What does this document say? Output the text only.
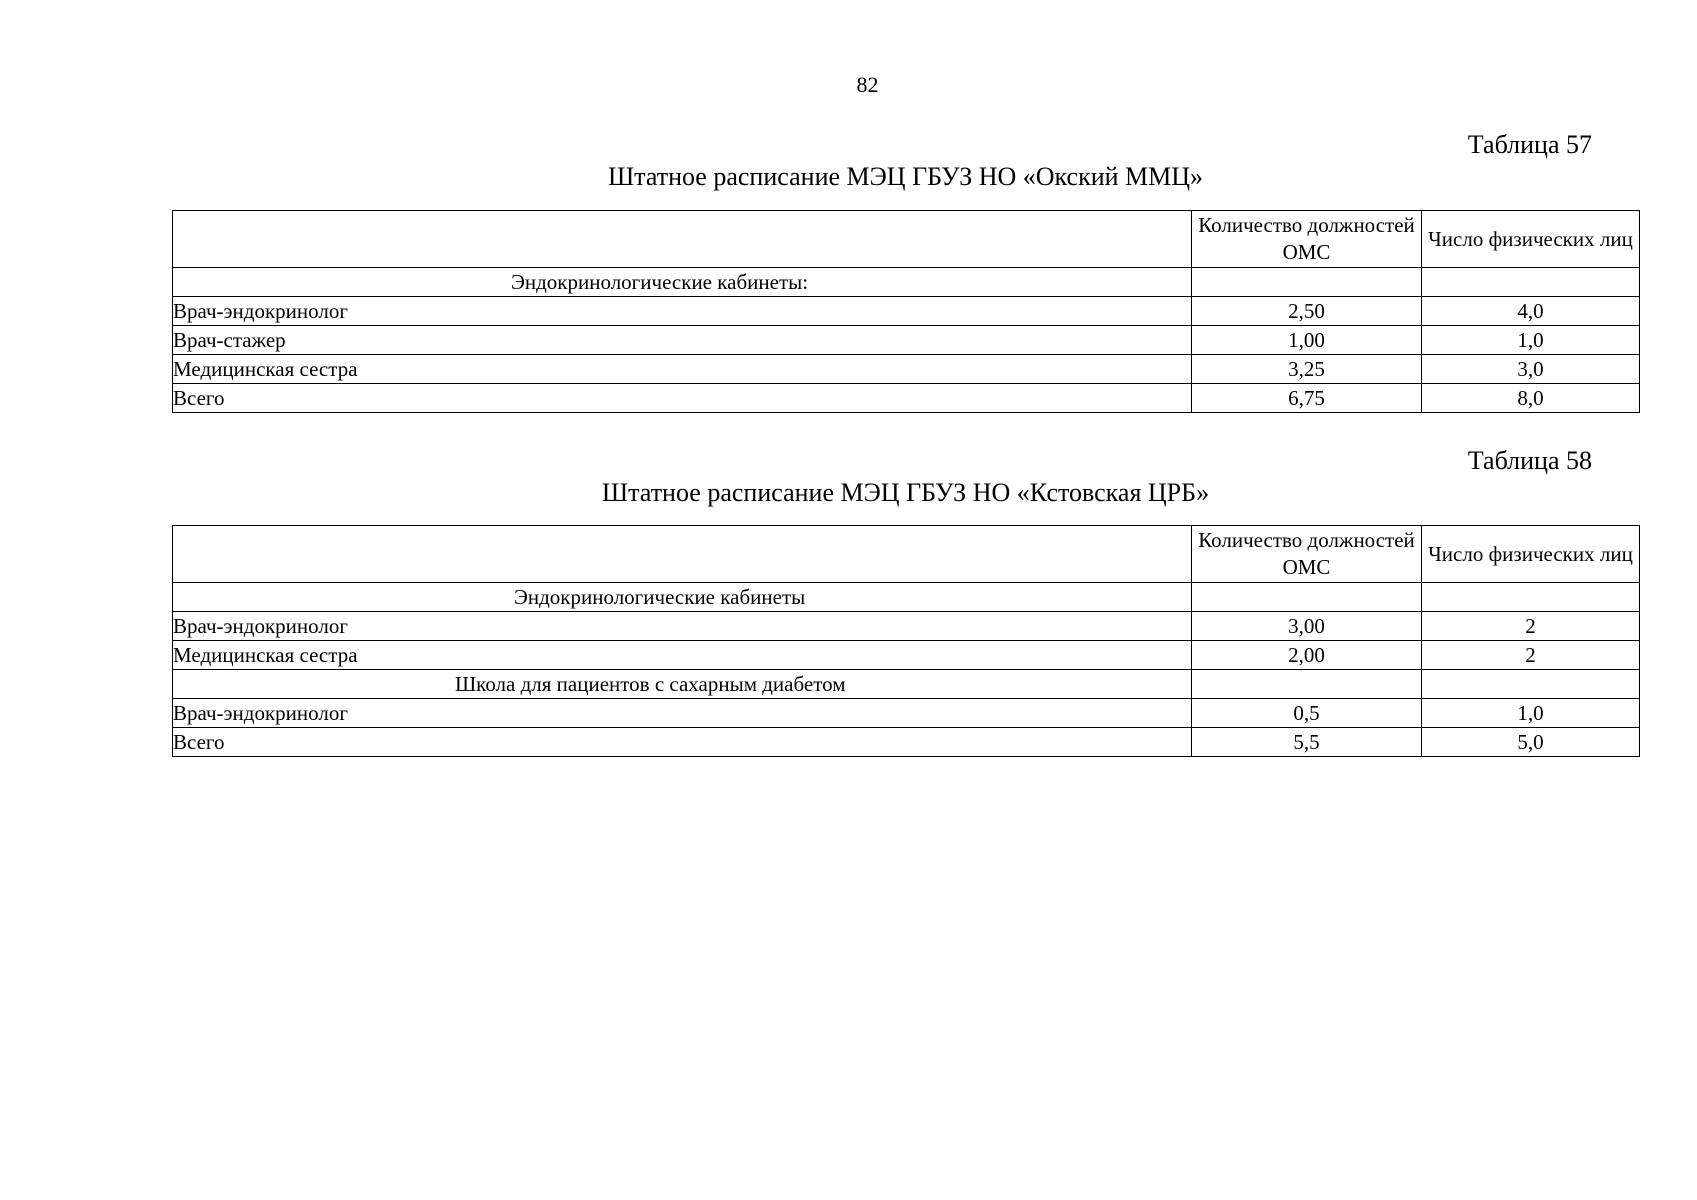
82
Таблица 57
Штатное расписание МЭЦ ГБУЗ НО «Окский ММЦ»
	Количество должностей ОМС	Число физических лиц
Эндокринологические кабинеты:		
Врач-эндокринолог	2,50	4,0
Врач-стажер	1,00	1,0
Медицинская сестра	3,25	3,0
Всего	6,75	8,0
Таблица 58
Штатное расписание МЭЦ ГБУЗ НО «Кстовская ЦРБ»
	Количество должностей ОМС	Число физических лиц
Эндокринологические кабинеты		
Врач-эндокринолог	3,00	2
Медицинская сестра	2,00	2
Школа для пациентов с сахарным диабетом		
Врач-эндокринолог	0,5	1,0
Всего	5,5	5,0
